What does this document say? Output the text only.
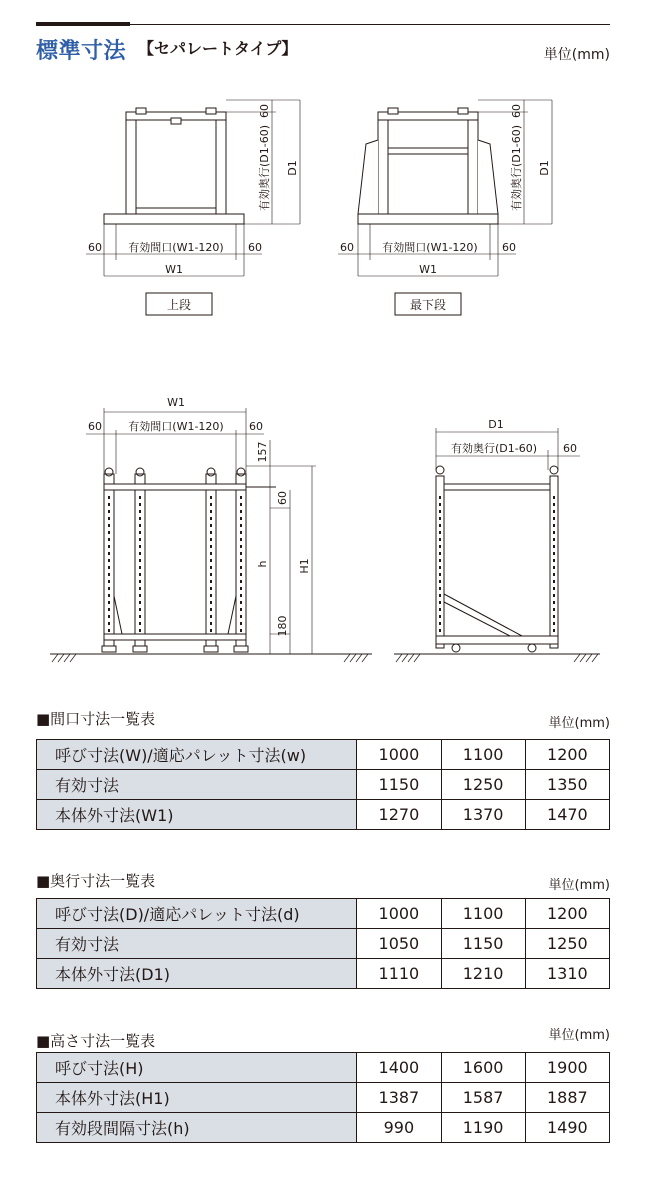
標準寸法 【セパレートタイプ】	単位(mm)
60
有効奥行(D1-60) D1
60 有効間口(W1-120) 60
W1
上段
60
有効奥行(D1-60) D1
60	有効間口(W1-120) 60
W1
最下段
W1
60 有効間口(W1-120) 60
157
60
h	H1
180
D1
有効奥行(D1-60) 60
■間口寸法一覧表	単位(mm)
呼び寸法(W)/適応パレット寸法(w)	1000	1100	1200
有効寸法	1150	1250	1350
本体外寸法(W1)	1270	1370	1470
■奥行寸法一覧表	単位(mm)
呼び寸法(D)/適応パレット寸法(d)	1000	1100	1200
有効寸法	1050	1150	1250
本体外寸法(D1)	1110	1210	1310
■高さ寸法一覧表	単位(mm)
呼び寸法(H)	1400	1600	1900
本体外寸法(H1)	1387	1587	1887
有効段間隔寸法(h)	990	1190	1490
